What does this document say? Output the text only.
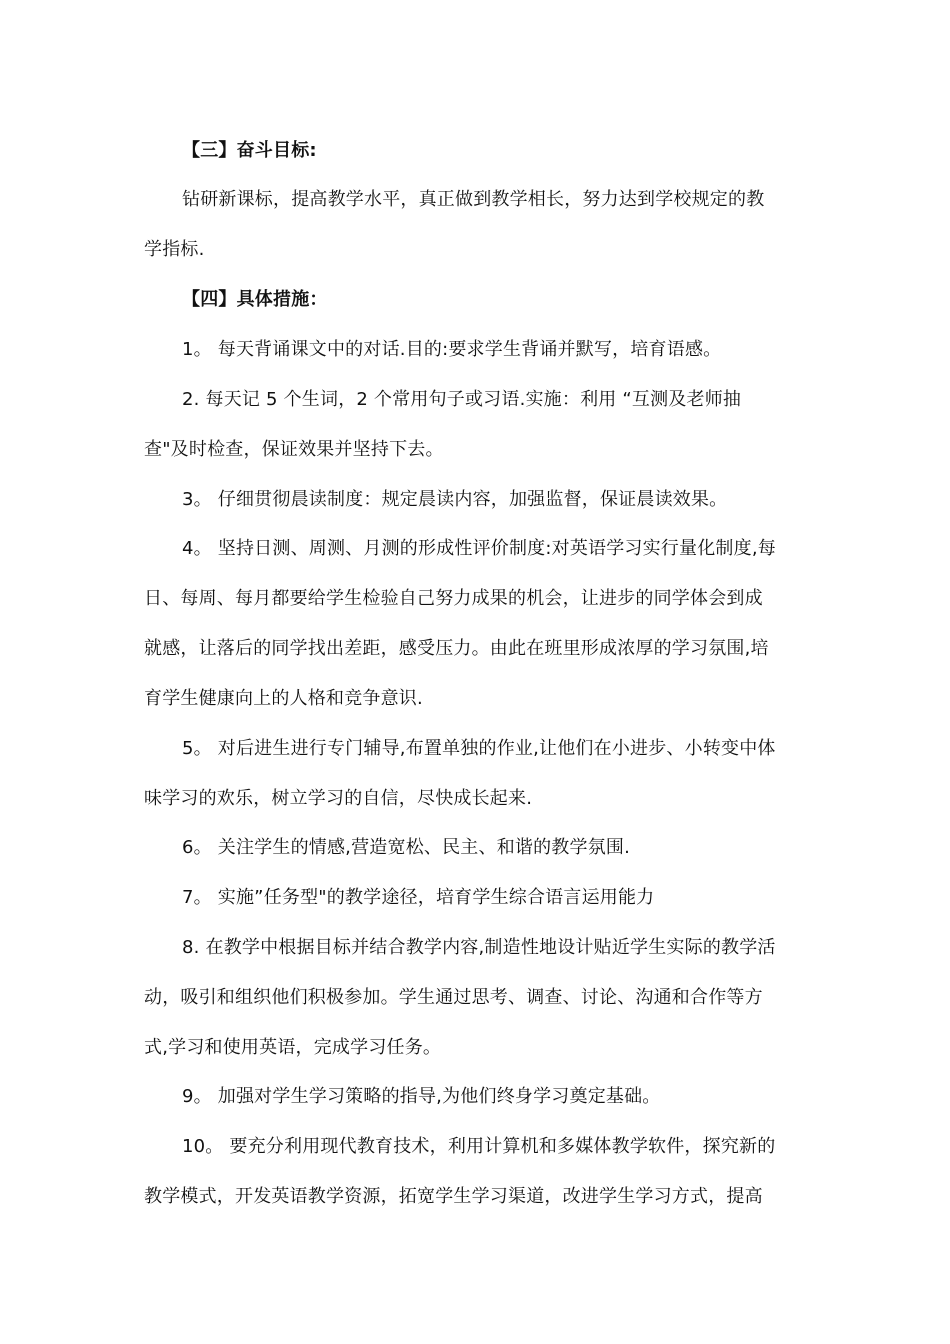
【三】奋斗目标:
钻研新课标，提高教学水平，真正做到教学相长，努力达到学校规定的教
学指标.
【四】具体措施：
1。 每天背诵课文中的对话.目的:要求学生背诵并默写，培育语感。
2. 每天记 5 个生词，2 个常用句子或习语.实施：利用 “互测及老师抽
查"及时检查，保证效果并坚持下去。
3。 仔细贯彻晨读制度：规定晨读内容，加强监督，保证晨读效果。
4。 坚持日测、周测、月测的形成性评价制度:对英语学习实行量化制度,每
日、每周、每月都要给学生检验自己努力成果的机会，让进步的同学体会到成
就感，让落后的同学找出差距，感受压力。由此在班里形成浓厚的学习氛围,培
育学生健康向上的人格和竞争意识.
5。 对后进生进行专门辅导,布置单独的作业,让他们在小进步、小转变中体
味学习的欢乐，树立学习的自信，尽快成长起来.
6。 关注学生的情感,营造宽松、民主、和谐的教学氛围.
7。 实施”任务型"的教学途径，培育学生综合语言运用能力
8. 在教学中根据目标并结合教学内容,制造性地设计贴近学生实际的教学活
动，吸引和组织他们积极参加。学生通过思考、调查、讨论、沟通和合作等方
式,学习和使用英语，完成学习任务。
9。 加强对学生学习策略的指导,为他们终身学习奠定基础。
10。 要充分利用现代教育技术，利用计算机和多媒体教学软件，探究新的
教学模式，开发英语教学资源，拓宽学生学习渠道，改进学生学习方式，提高
